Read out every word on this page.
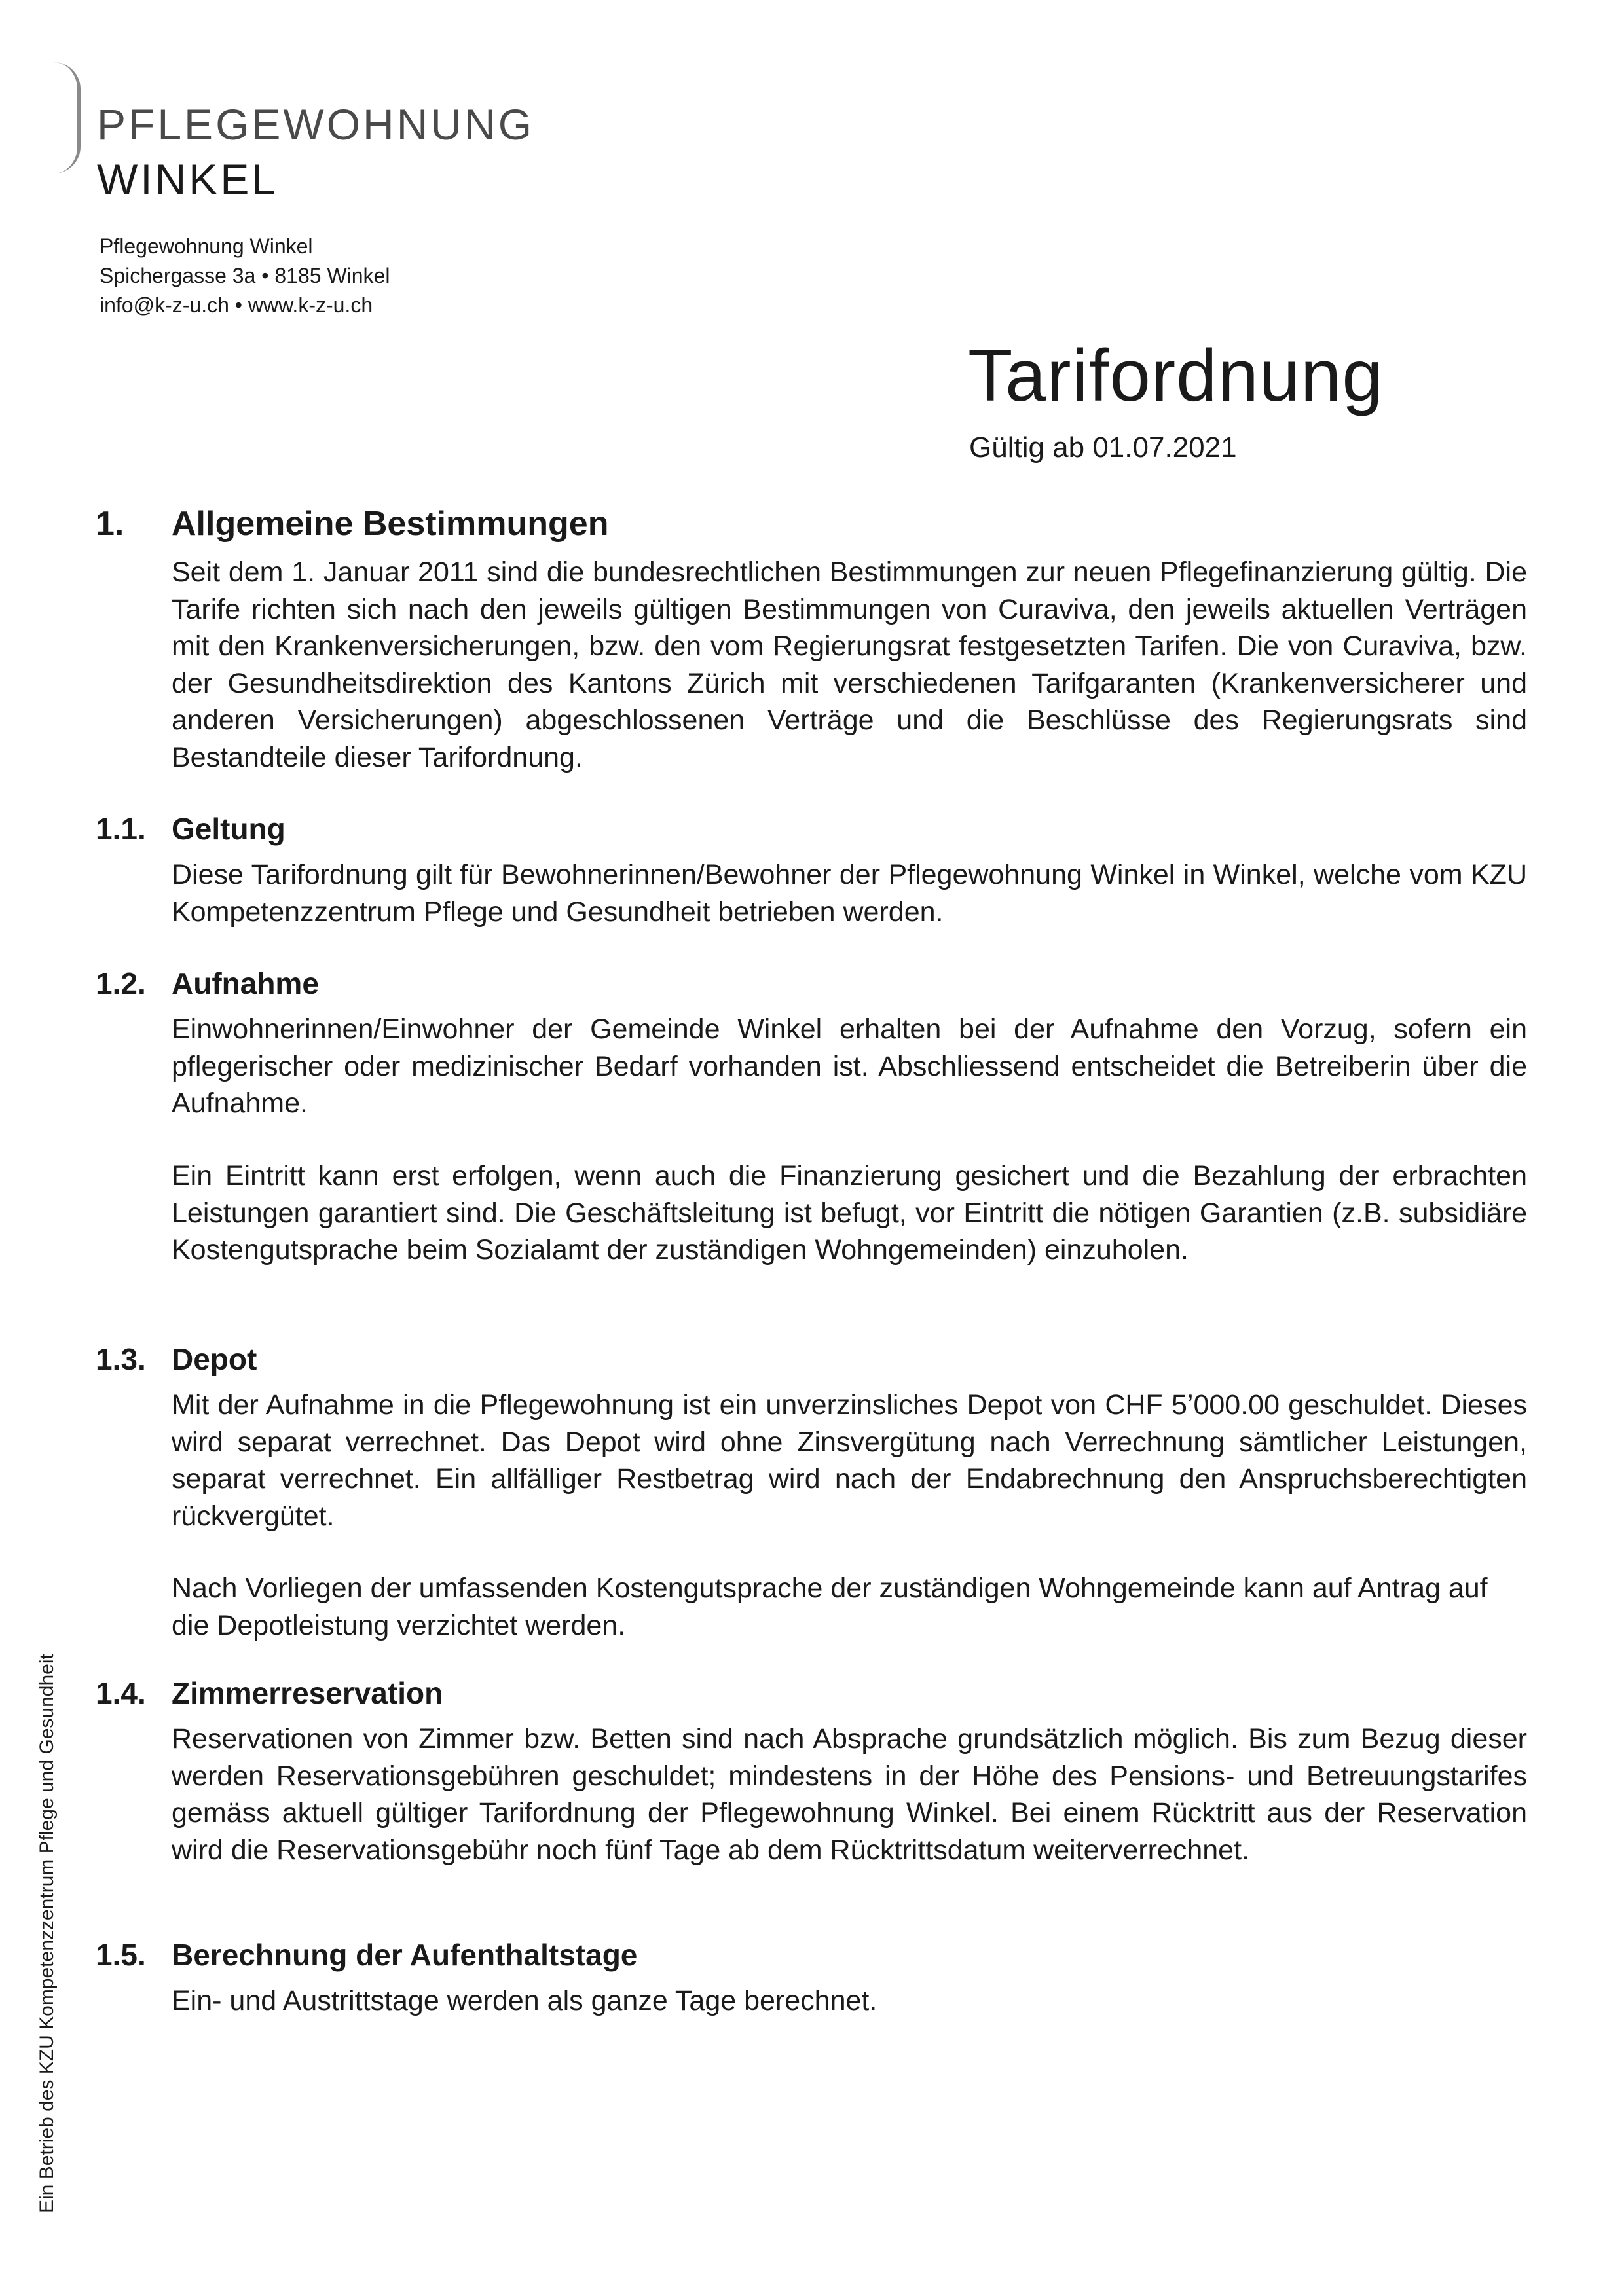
PFLEGEWOHNUNG
WINKEL
Pflegewohnung Winkel
Spichergasse 3a • 8185 Winkel
info@k-z-u.ch • www.k-z-u.ch
Tarifordnung
Gültig ab 01.07.2021
1. Allgemeine Bestimmungen

Seit dem 1. Januar 2011 sind die bundesrechtlichen Bestimmungen zur neuen Pflegefinanzierung gültig. Die Tarife richten sich nach den jeweils gültigen Bestimmungen von Curaviva, den jeweils aktuellen Verträgen mit den Krankenversicherungen, bzw. den vom Regierungsrat festgesetzten Tarifen. Die von Curaviva, bzw. der Gesundheitsdirektion des Kantons Zürich mit verschiedenen Tarifgaranten (Krankenversicherer und anderen Versicherungen) abgeschlossenen Verträge und die Beschlüsse des Regierungsrats sind Bestandteile dieser Tarifordnung.

1.1. Geltung

Diese Tarifordnung gilt für Bewohnerinnen/Bewohner der Pflegewohnung Winkel in Winkel, welche vom KZU Kompetenzzentrum Pflege und Gesundheit betrieben werden.

1.2. Aufnahme

Einwohnerinnen/Einwohner der Gemeinde Winkel erhalten bei der Aufnahme den Vorzug, sofern ein pflegerischer oder medizinischer Bedarf vorhanden ist. Abschliessend entscheidet die Betreiberin über die Aufnahme.

Ein Eintritt kann erst erfolgen, wenn auch die Finanzierung gesichert und die Bezahlung der erbrachten Leistungen garantiert sind. Die Geschäftsleitung ist befugt, vor Eintritt die nötigen Garantien (z.B. subsidiäre Kostengutsprache beim Sozialamt der zuständigen Wohngemeinden) einzuholen.

1.3. Depot

Mit der Aufnahme in die Pflegewohnung ist ein unverzinsliches Depot von CHF 5’000.00 geschuldet. Dieses wird separat verrechnet. Das Depot wird ohne Zinsvergütung nach Verrechnung sämtlicher Leistungen, separat verrechnet. Ein allfälliger Restbetrag wird nach der Endabrechnung den Anspruchsberechtigten rückvergütet.

Nach Vorliegen der umfassenden Kostengutsprache der zuständigen Wohngemeinde kann auf Antrag auf die Depotleistung verzichtet werden.

1.4. Zimmerreservation

Reservationen von Zimmer bzw. Betten sind nach Absprache grundsätzlich möglich. Bis zum Bezug dieser werden Reservationsgebühren geschuldet; mindestens in der Höhe des Pensions- und Betreuungstarifes gemäss aktuell gültiger Tarifordnung der Pflegewohnung Winkel. Bei einem Rücktritt aus der Reservation wird die Reservationsgebühr noch fünf Tage ab dem Rücktrittsdatum weiterverrechnet.

1.5. Berechnung der Aufenthaltstage

Ein- und Austrittstage werden als ganze Tage berechnet.

Ein Betrieb des KZU Kompetenzzentrum Pflege und Gesundheit
